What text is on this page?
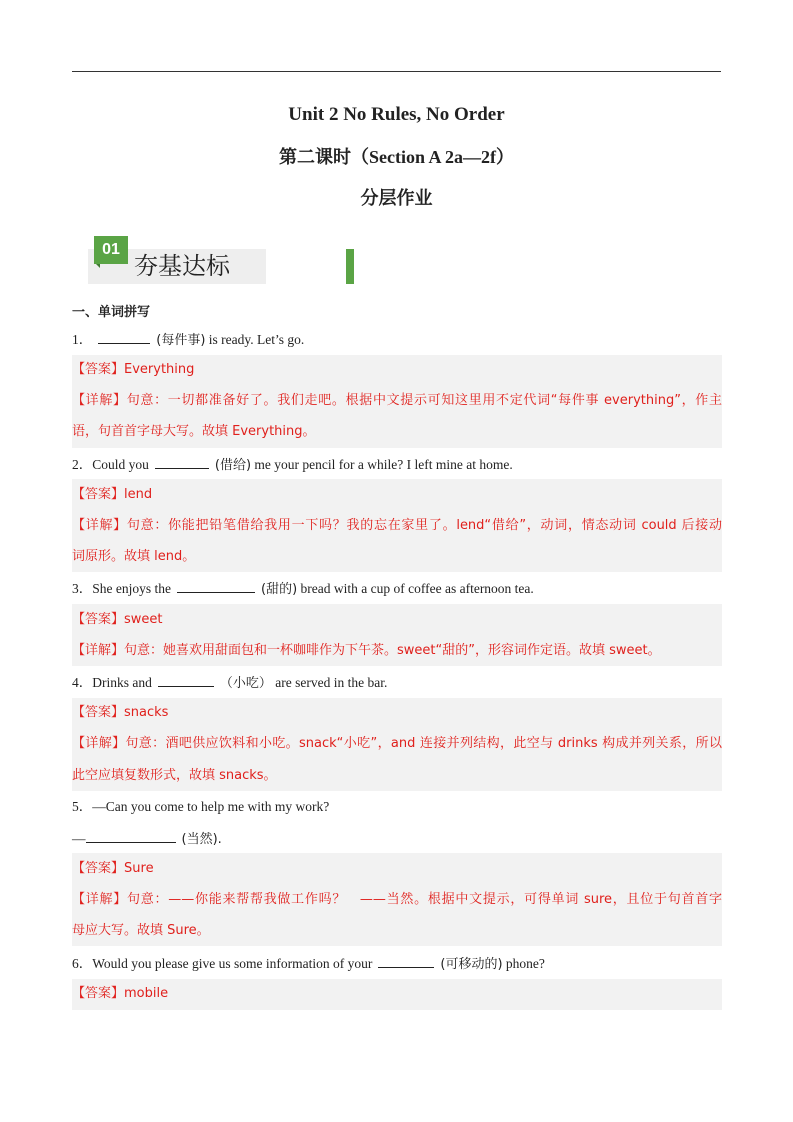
Unit 2 No Rules, No Order
第二课时（Section A 2a—2f）
分层作业
01
夯基达标
一、单词拼写
1．	(每件事) is ready. Let’s go.
【答案】Everything
【详解】句意：一切都准备好了。我们走吧。根据中文提示可知这里用不定代词“每件事 everything”，作主
语，句首首字母大写。故填 Everything。
2．Could you	(借给) me your pencil for a while? I left mine at home.
【答案】lend
【详解】句意：你能把铅笔借给我用一下吗？我的忘在家里了。lend“借给”，动词，情态动词 could 后接动
词原形。故填 lend。
3．She enjoys the	(甜的) bread with a cup of coffee as afternoon tea.
【答案】sweet
【详解】句意：她喜欢用甜面包和一杯咖啡作为下午茶。sweet“甜的”，形容词作定语。故填 sweet。
4．Drinks and	（小吃） are served in the bar.
【答案】snacks
【详解】句意：酒吧供应饮料和小吃。snack“小吃”，and 连接并列结构，此空与 drinks 构成并列关系，所以
此空应填复数形式，故填 snacks。
5．—Can you come to help me with my work?
—	(当然).
【答案】Sure
【详解】句意：——你能来帮帮我做工作吗？　——当然。根据中文提示，可得单词 sure，且位于句首首字
母应大写。故填 Sure。
6．Would you please give us some information of your	(可移动的) phone?
【答案】mobile
